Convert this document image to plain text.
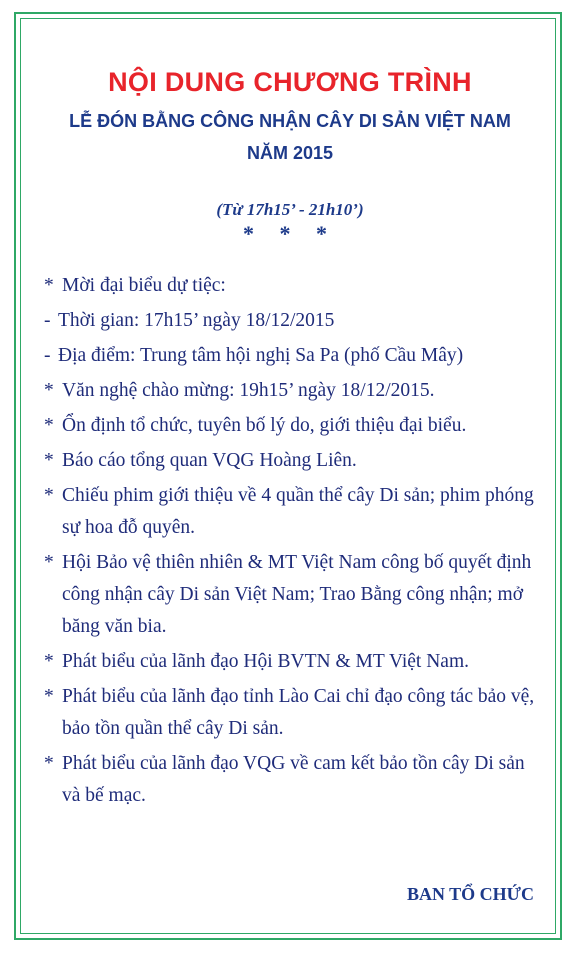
NỘI DUNG CHƯƠNG TRÌNH
LỄ ĐÓN BẰNG CÔNG NHẬN CÂY DI SẢN VIỆT NAM
NĂM 2015
(Từ 17h15’ - 21h10’)
* * *
* Mời đại biểu dự tiệc:
- Thời gian: 17h15’ ngày 18/12/2015
- Địa điểm: Trung tâm hội nghị Sa Pa (phố Cầu Mây)
* Văn nghệ chào mừng: 19h15’ ngày 18/12/2015.
* Ổn định tổ chức, tuyên bố lý do, giới thiệu đại biểu.
* Báo cáo tổng quan VQG Hoàng Liên.
* Chiếu phim giới thiệu về 4 quần thể cây Di sản; phim phóng sự hoa đỗ quyên.
* Hội Bảo vệ thiên nhiên & MT Việt Nam công bố quyết định công nhận cây Di sản Việt Nam; Trao Bằng công nhận; mở băng văn bia.
* Phát biểu của lãnh đạo Hội BVTN & MT Việt Nam.
* Phát biểu của lãnh đạo tỉnh Lào Cai chỉ đạo công tác bảo vệ, bảo tồn quần thể cây Di sản.
* Phát biểu của lãnh đạo VQG về cam kết bảo tồn cây Di sản và bế mạc.
BAN TỔ CHỨC
